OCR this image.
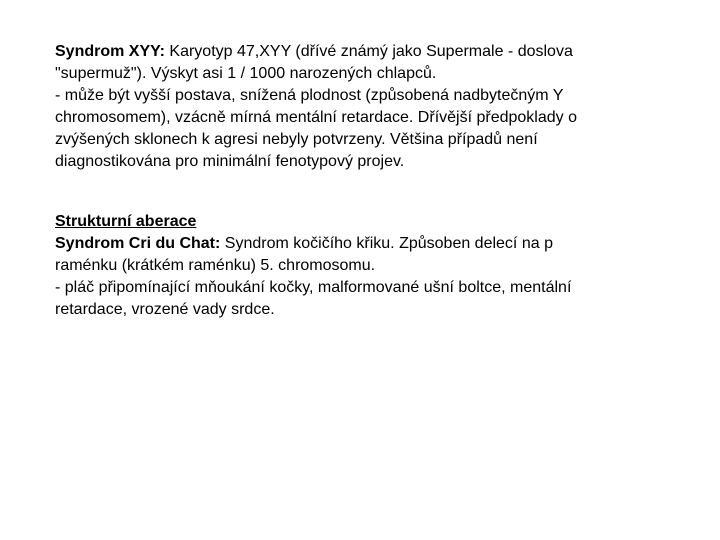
Syndrom XYY: Karyotyp 47,XYY (dřívé známý jako Supermale - doslova
"supermuž"). Výskyt asi 1 / 1000 narozených chlapců.
- může být vyšší postava, snížená plodnost (způsobená nadbytečným Y
chromosomem), vzácně mírná mentální retardace. Dřívější předpoklady o
zvýšených sklonech k agresi nebyly potvrzeny. Většina případů není
diagnostikována pro minimální fenotypový projev.
Strukturní aberace
Syndrom Cri du Chat: Syndrom kočičího křiku. Způsoben delecí na p
raménku (krátkém raménku) 5. chromosomu.
- pláč připomínající mňoukání kočky, malformované ušní boltce, mentální
retardace, vrozené vady srdce.
